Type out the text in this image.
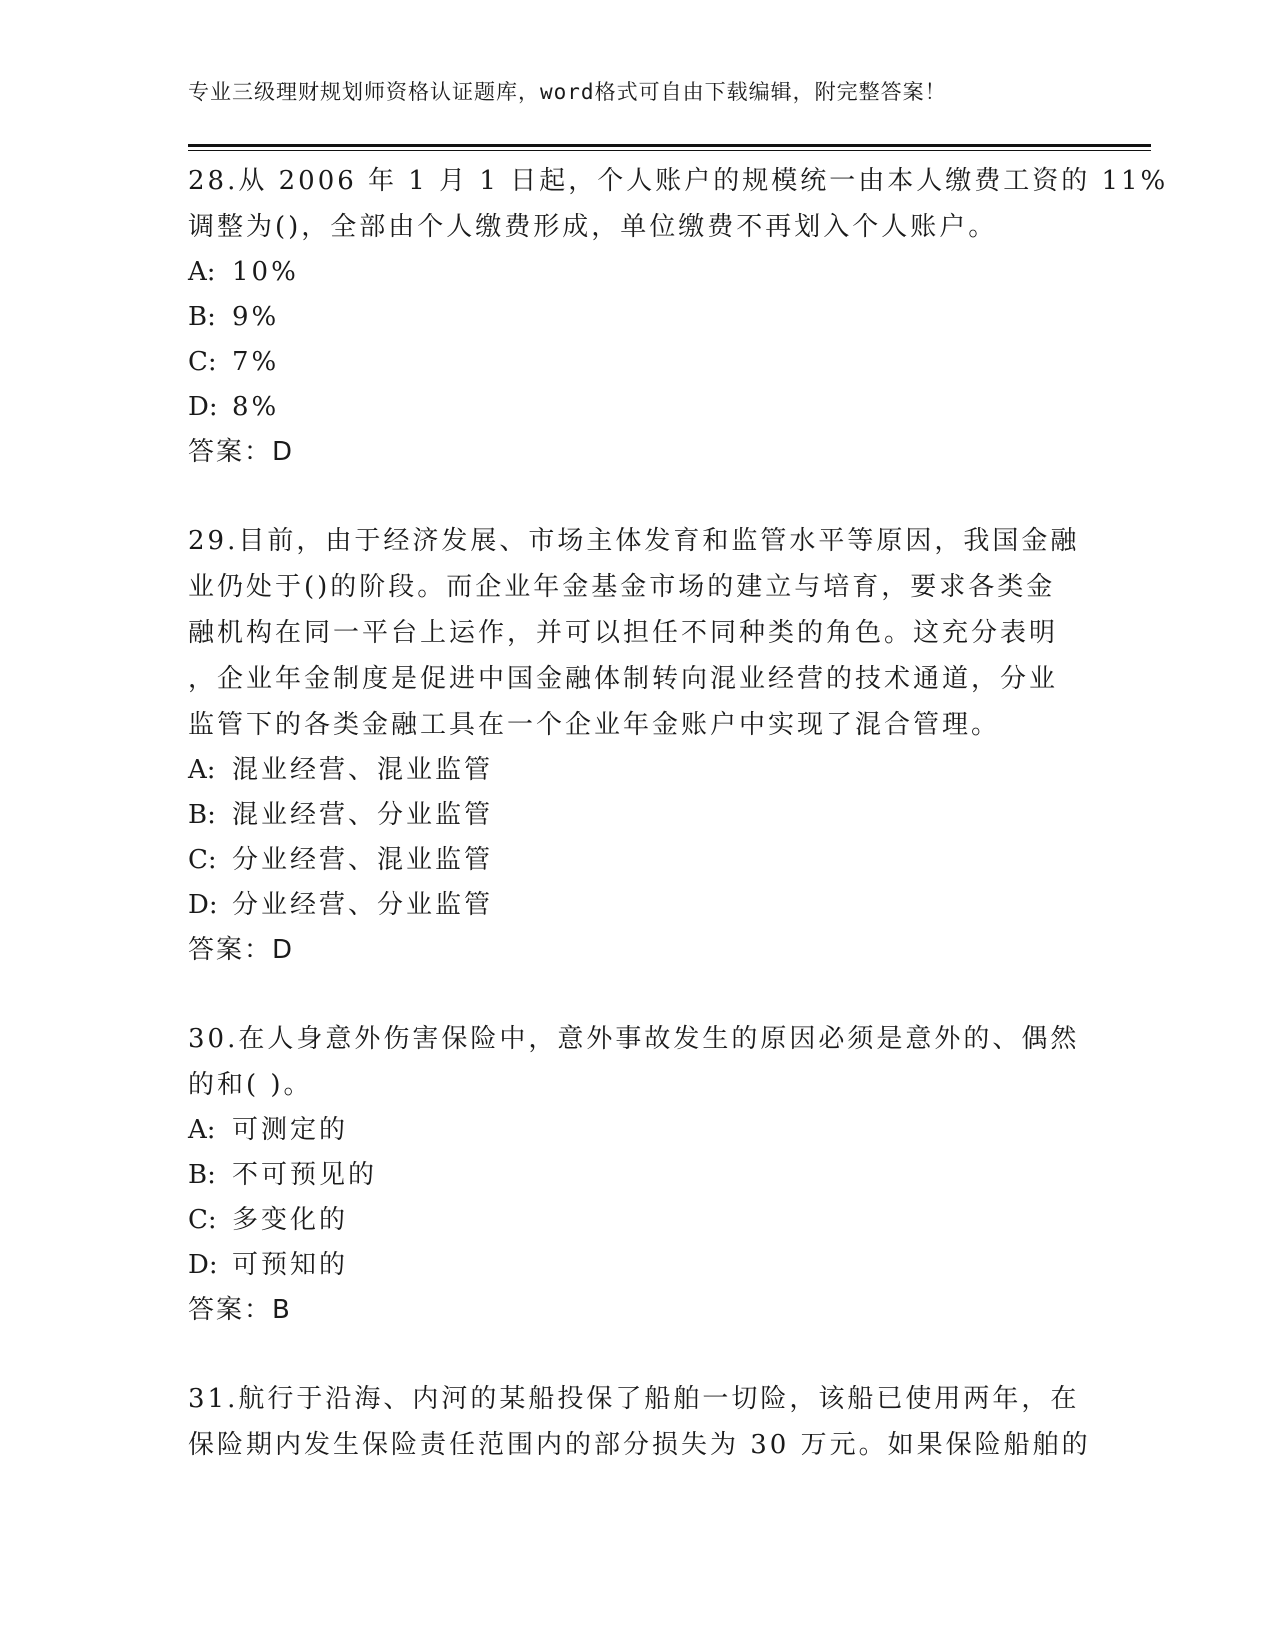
专业三级理财规划师资格认证题库，word格式可自由下载编辑，附完整答案！
28.从 2006 年 1 月 1 日起，个人账户的规模统一由本人缴费工资的 11%
调整为()，全部由个人缴费形成，单位缴费不再划入个人账户。
A: 10%
B: 9%
C: 7%
D: 8%
答案：D
29.目前，由于经济发展、市场主体发育和监管水平等原因，我国金融
业仍处于()的阶段。而企业年金基金市场的建立与培育，要求各类金
融机构在同一平台上运作，并可以担任不同种类的角色。这充分表明
，企业年金制度是促进中国金融体制转向混业经营的技术通道，分业
监管下的各类金融工具在一个企业年金账户中实现了混合管理。
A: 混业经营、混业监管
B: 混业经营、分业监管
C: 分业经营、混业监管
D: 分业经营、分业监管
答案：D
30.在人身意外伤害保险中，意外事故发生的原因必须是意外的、偶然
的和( )。
A: 可测定的
B: 不可预见的
C: 多变化的
D: 可预知的
答案：B
31.航行于沿海、内河的某船投保了船舶一切险，该船已使用两年，在
保险期内发生保险责任范围内的部分损失为 30 万元。如果保险船舶的
